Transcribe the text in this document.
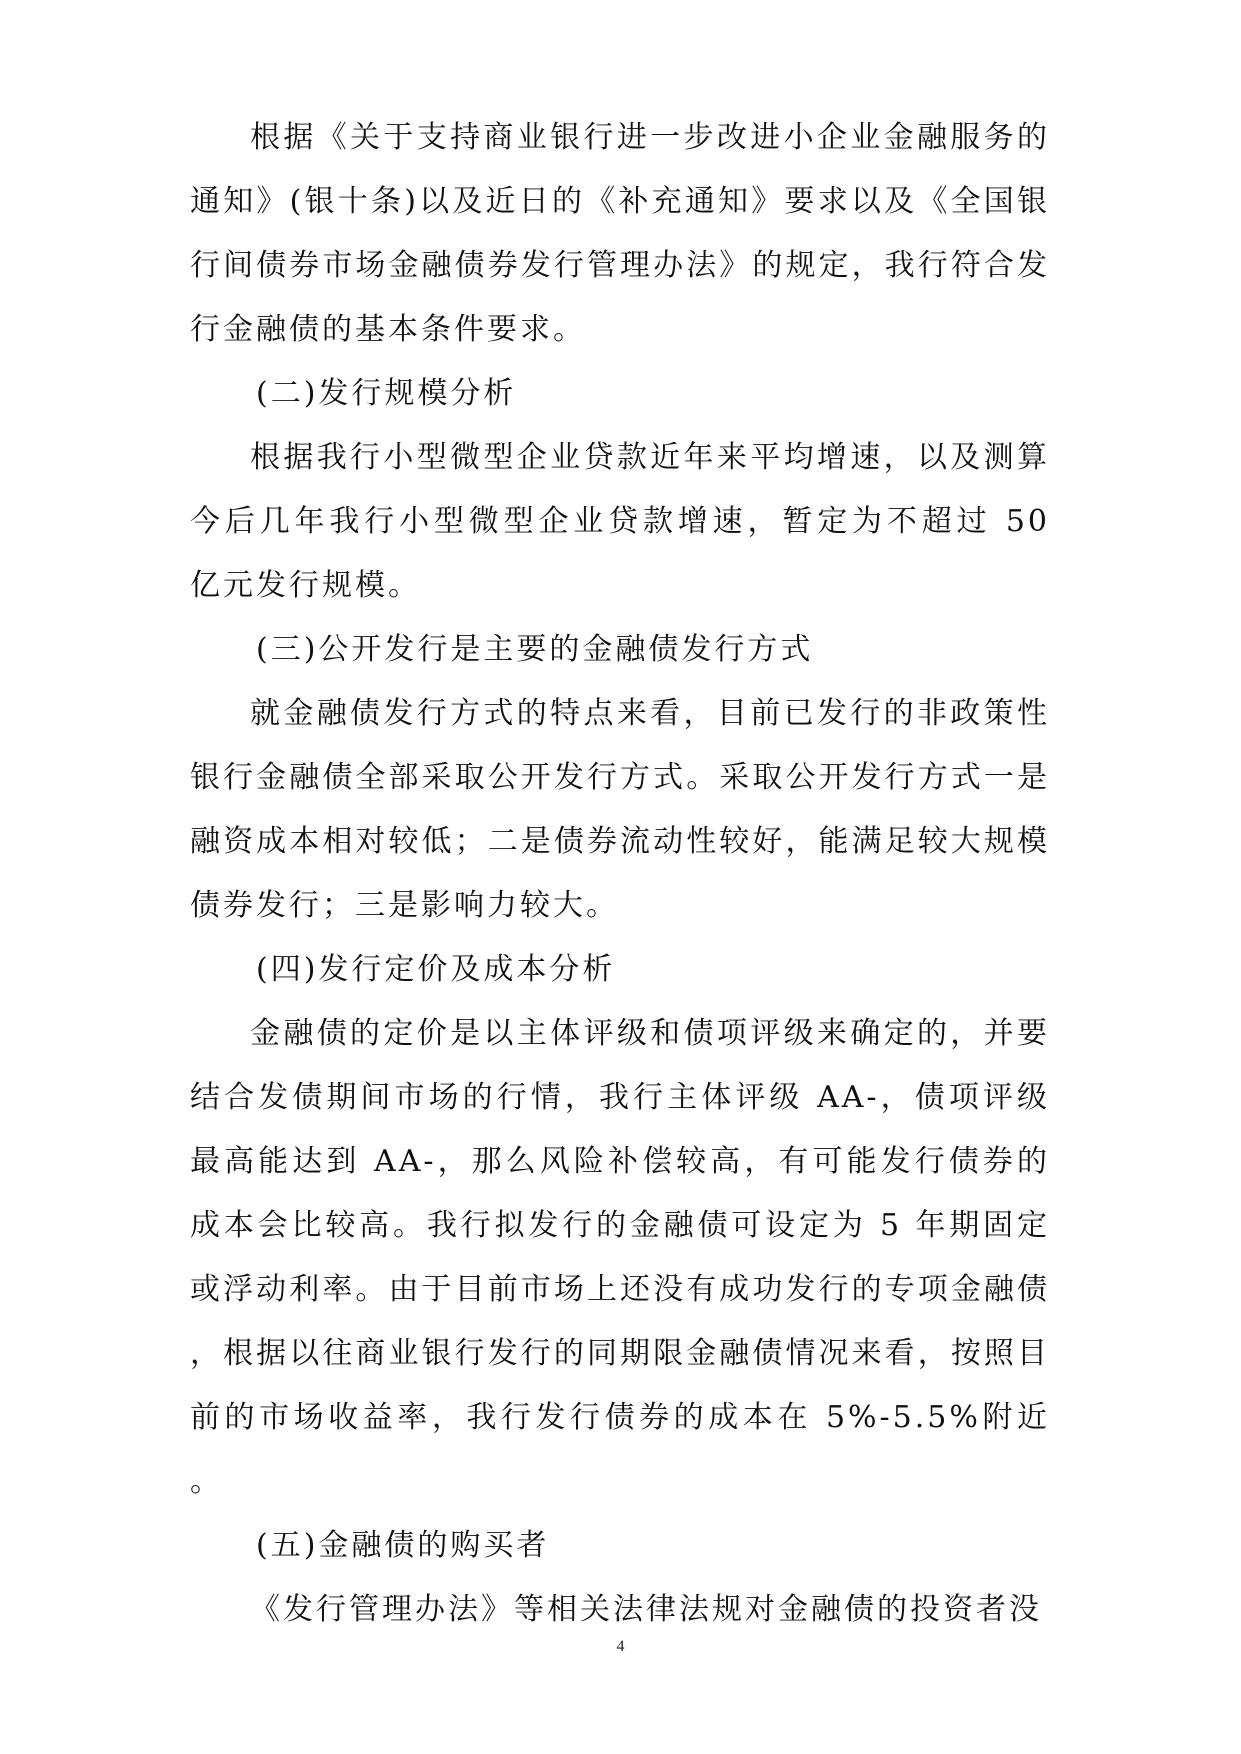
根据《关于支持商业银行进一步改进小企业金融服务的通知》(银十条)以及近日的《补充通知》要求以及《全国银行间债券市场金融债券发行管理办法》的规定，我行符合发行金融债的基本条件要求。

(二)发行规模分析

根据我行小型微型企业贷款近年来平均增速，以及测算今后几年我行小型微型企业贷款增速，暂定为不超过 50 亿元发行规模。

(三)公开发行是主要的金融债发行方式

就金融债发行方式的特点来看，目前已发行的非政策性银行金融债全部采取公开发行方式。采取公开发行方式一是融资成本相对较低；二是债券流动性较好，能满足较大规模债券发行；三是影响力较大。

(四)发行定价及成本分析

金融债的定价是以主体评级和债项评级来确定的，并要结合发债期间市场的行情，我行主体评级 AA-，债项评级最高能达到 AA-，那么风险补偿较高，有可能发行债券的成本会比较高。我行拟发行的金融债可设定为 5 年期固定或浮动利率。由于目前市场上还没有成功发行的专项金融债，根据以往商业银行发行的同期限金融债情况来看，按照目前的市场收益率，我行发行债券的成本在 5%-5.5%附近。

(五)金融债的购买者

《发行管理办法》等相关法律法规对金融债的投资者没

4
